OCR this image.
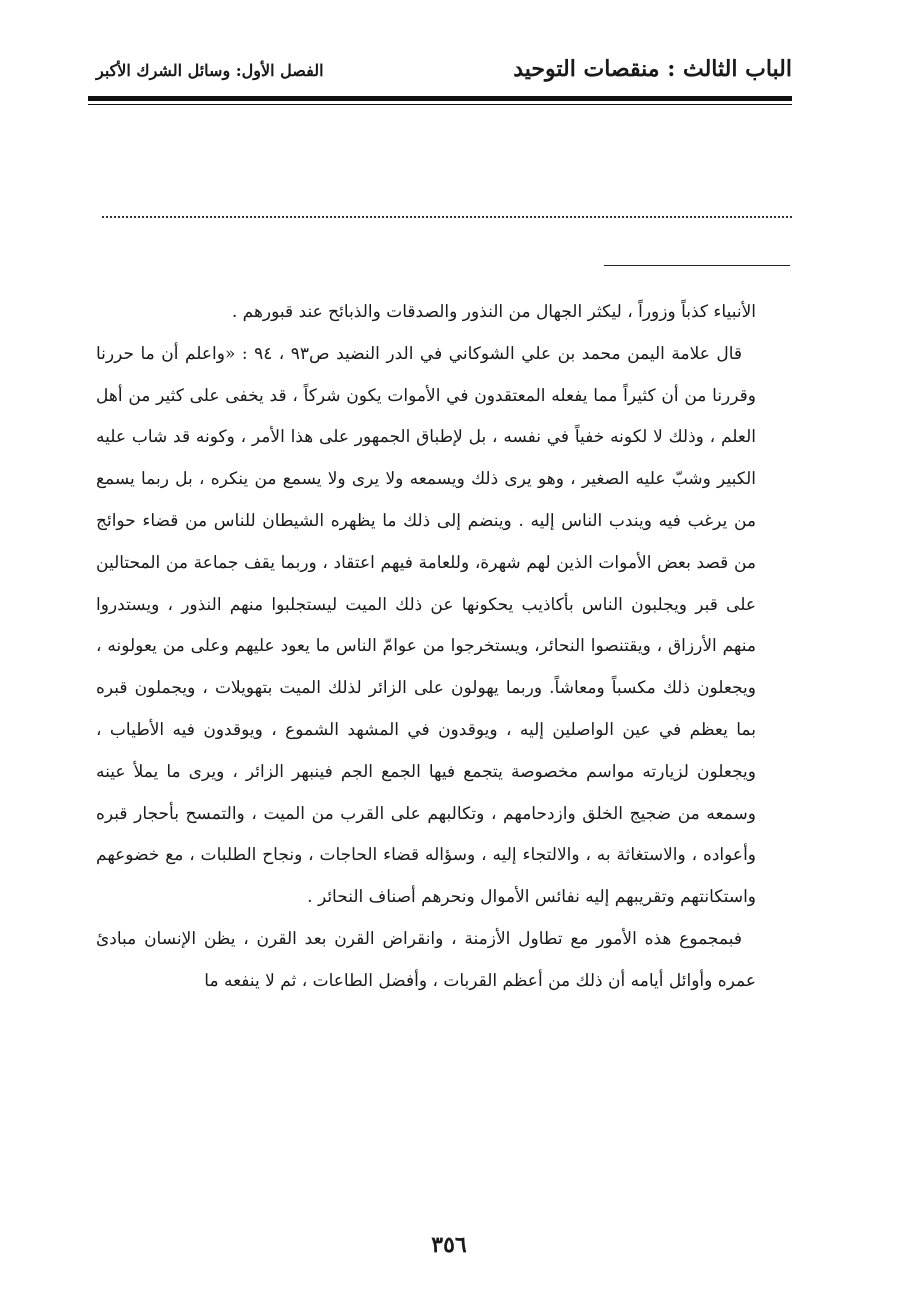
الباب الثالث : منقصات التوحيد
الفصل الأول: وسائل الشرك الأكبر

الأنبياء كذباً وزوراً ، ليكثر الجهال من النذور والصدقات والذبائح عند قبورهم .

قال علامة اليمن محمد بن علي الشوكاني في الدر النضيد ص٩٣ ، ٩٤ : «واعلم أن ما حررنا وقررنا من أن كثيراً مما يفعله المعتقدون في الأموات يكون شركاً ، قد يخفى على كثير من أهل العلم ، وذلك لا لكونه خفياً في نفسه ، بل لإطباق الجمهور على هذا الأمر ، وكونه قد شاب عليه الكبير وشبّ عليه الصغير ، وهو يرى ذلك ويسمعه ولا يرى ولا يسمع من ينكره ، بل ربما يسمع من يرغب فيه ويندب الناس إليه . وينضم إلى ذلك ما يظهره الشيطان للناس من قضاء حوائج من قصد بعض الأموات الذين لهم شهرة، وللعامة فيهم اعتقاد ، وربما يقف جماعة من المحتالين على قبر ويجلبون الناس بأكاذيب يحكونها عن ذلك الميت ليستجلبوا منهم النذور ، ويستدروا منهم الأرزاق ، ويقتنصوا النحائر، ويستخرجوا من عوامّ الناس ما يعود عليهم وعلى من يعولونه ، ويجعلون ذلك مكسباً ومعاشاً. وربما يهولون على الزائر لذلك الميت بتهويلات ، ويجملون قبره بما يعظم في عين الواصلين إليه ، ويوقدون في المشهد الشموع ، ويوقدون فيه الأطياب ، ويجعلون لزيارته مواسم مخصوصة يتجمع فيها الجمع الجم فينبهر الزائر ، ويرى ما يملأ عينه وسمعه من ضجيج الخلق وازدحامهم ، وتكالبهم على القرب من الميت ، والتمسح بأحجار قبره وأعواده ، والاستغاثة به ، والالتجاء إليه ، وسؤاله قضاء الحاجات ، ونجاح الطلبات ، مع خضوعهم واستكانتهم وتقريبهم إليه نفائس الأموال ونحرهم أصناف النحائر .

فبمجموع هذه الأمور مع تطاول الأزمنة ، وانقراض القرن بعد القرن ، يظن الإنسان مبادئ عمره وأوائل أيامه أن ذلك من أعظم القربات ، وأفضل الطاعات ، ثم لا ينفعه ما

٣٥٦
